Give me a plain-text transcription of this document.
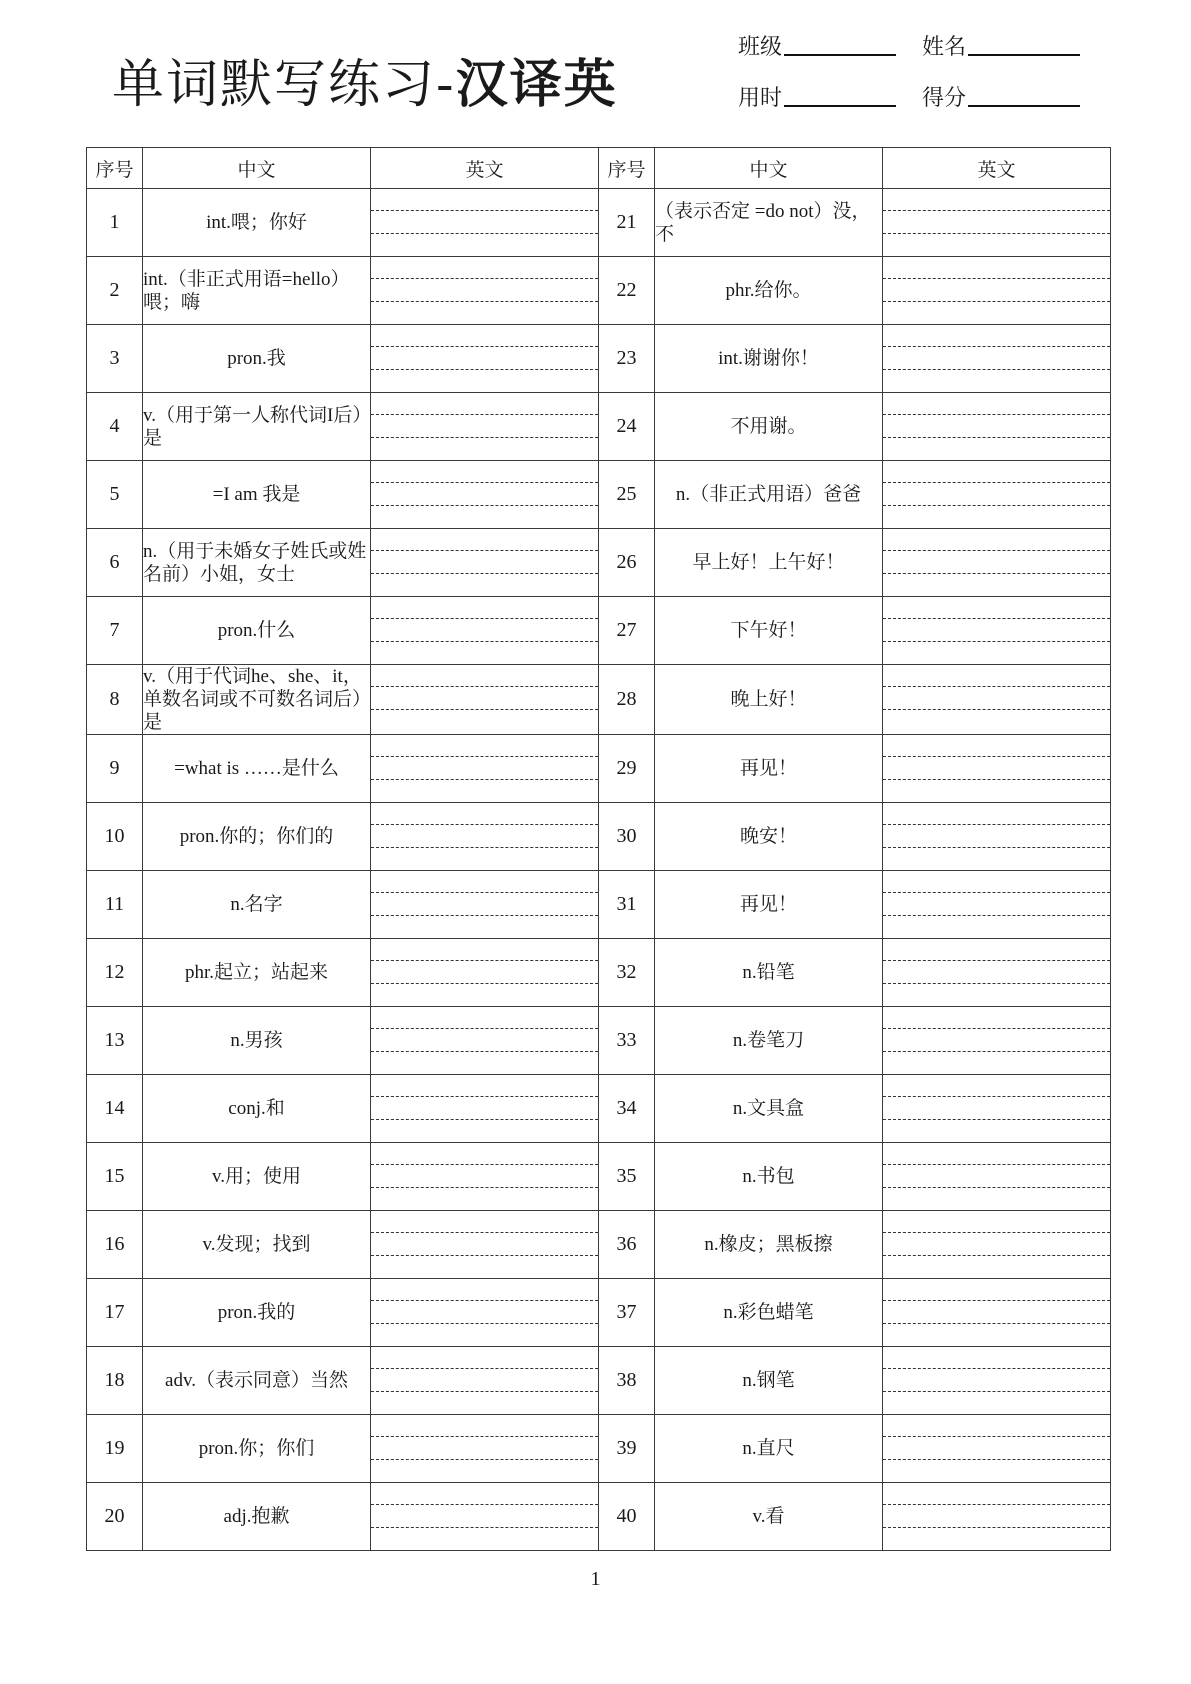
单词默写练习-汉译英
班级	姓名
用时	得分
序号	中文	英文	序号	中文	英文
1	int.喂；你好		21	（表示否定 =do not）没，不	

2	int.（非正式用语=hello）喂；嗨		22	phr.给你。	

3	pron.我		23	int.谢谢你！	

4	v.（用于第一人称代词I后）是		24	不用谢。	

5	=I am 我是		25	n.（非正式用语）爸爸	

6	n.（用于未婚女子姓氏或姓名前）小姐，女士		26	早上好！上午好！	

7	pron.什么		27	下午好！	

8	v.（用于代词he、she、it，单数名词或不可数名词后）是		28	晚上好！	

9	=what is ……是什么		29	再见！	

10	pron.你的；你们的		30	晚安！	

11	n.名字		31	再见！	

12	phr.起立；站起来		32	n.铅笔	

13	n.男孩		33	n.卷笔刀	

14	conj.和		34	n.文具盒	

15	v.用；使用		35	n.书包	

16	v.发现；找到		36	n.橡皮；黑板擦	

17	pron.我的		37	n.彩色蜡笔	

18	adv.（表示同意）当然		38	n.钢笔	

19	pron.你；你们		39	n.直尺	

20	adj.抱歉		40	v.看	
1
